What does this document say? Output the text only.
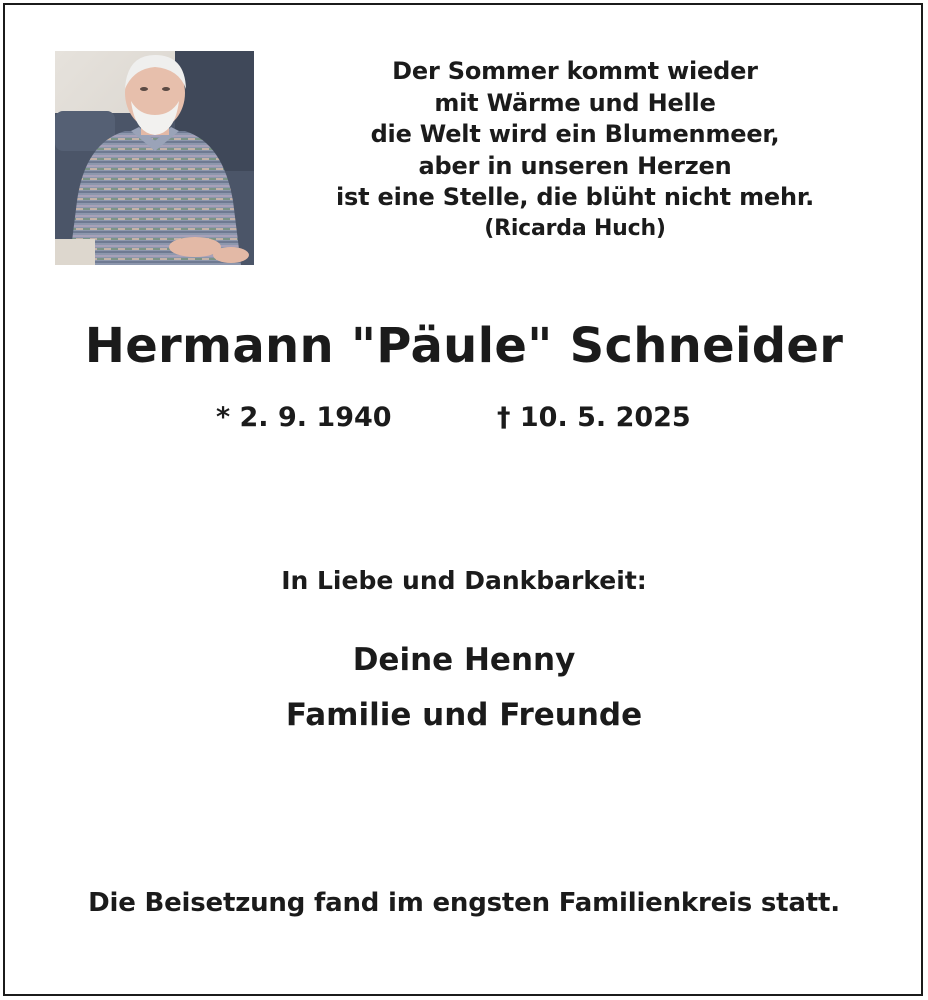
Der Sommer kommt wieder
mit Wärme und Helle
die Welt wird ein Blumenmeer,
aber in unseren Herzen
ist eine Stelle, die blüht nicht mehr.
(Ricarda Huch)
Hermann "Päule" Schneider
* 2. 9. 1940	† 10. 5. 2025
In Liebe und Dankbarkeit:
Deine Henny
Familie und Freunde
Die Beisetzung fand im engsten Familienkreis statt.
